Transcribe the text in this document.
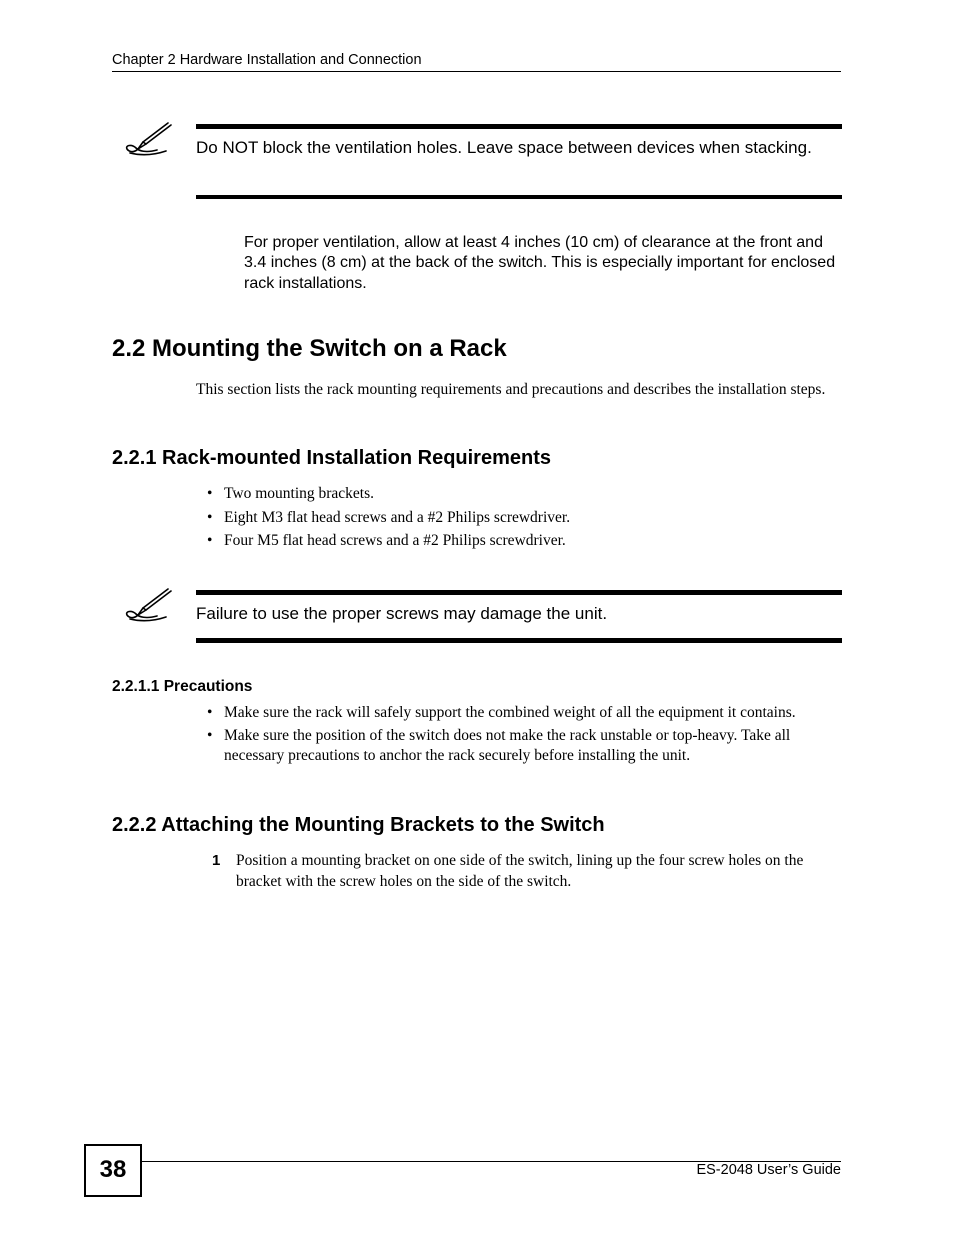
Chapter 2 Hardware Installation and Connection
Do NOT block the ventilation holes. Leave space between devices when stacking.
For proper ventilation, allow at least 4 inches (10 cm) of clearance at the front and 3.4 inches (8 cm) at the back of the switch. This is especially important for enclosed rack installations.
2.2 Mounting the Switch on a Rack
This section lists the rack mounting requirements and precautions and describes the installation steps.
2.2.1 Rack-mounted Installation Requirements
• Two mounting brackets.
• Eight M3 flat head screws and a #2 Philips screwdriver.
• Four M5 flat head screws and a #2 Philips screwdriver.
Failure to use the proper screws may damage the unit.
2.2.1.1 Precautions
• Make sure the rack will safely support the combined weight of all the equipment it contains.
• Make sure the position of the switch does not make the rack unstable or top-heavy. Take all necessary precautions to anchor the rack securely before installing the unit.
2.2.2 Attaching the Mounting Brackets to the Switch
1 Position a mounting bracket on one side of the switch, lining up the four screw holes on the bracket with the screw holes on the side of the switch.
38	ES-2048 User’s Guide
